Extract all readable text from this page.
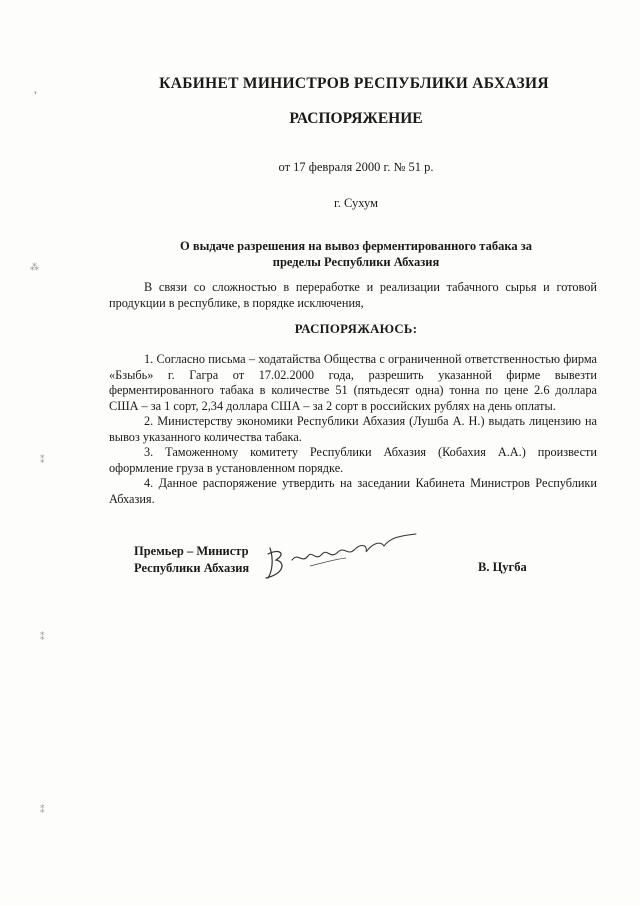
❜
⁂
⁑
⁑
⁑
КАБИНЕТ МИНИСТРОВ РЕСПУБЛИКИ АБХАЗИЯ
РАСПОРЯЖЕНИЕ
от 17 февраля 2000 г. № 51 р.
г. Сухум
О выдаче разрешения на вывоз ферментированного табака за
пределы Республики Абхазия

В связи со сложностью в переработке и реализации табачного сырья и готовой продукции в республике, в порядке исключения,

РАСПОРЯЖАЮСЬ:

1. Согласно письма – ходатайства Общества с ограниченной ответственностью фирма «Бзыбь» г. Гагра от 17.02.2000 года, разрешить указанной фирме вывезти ферментированного табака в количестве 51 (пятьдесят одна) тонна по цене 2.6 доллара США – за 1 сорт, 2,34 доллара США – за 2 сорт в российских рублях на день оплаты.

2. Министерству экономики Республики Абхазия (Лушба А. Н.) выдать лицензию на вывоз указанного количества табака.

3. Таможенному комитету Республики Абхазия (Кобахия А.А.) произвести оформление груза в установленном порядке.

4. Данное распоряжение утвердить на заседании Кабинета Министров Республики Абхазия.

Премьер – Министр
Республики Абхазия	В. Цугба
